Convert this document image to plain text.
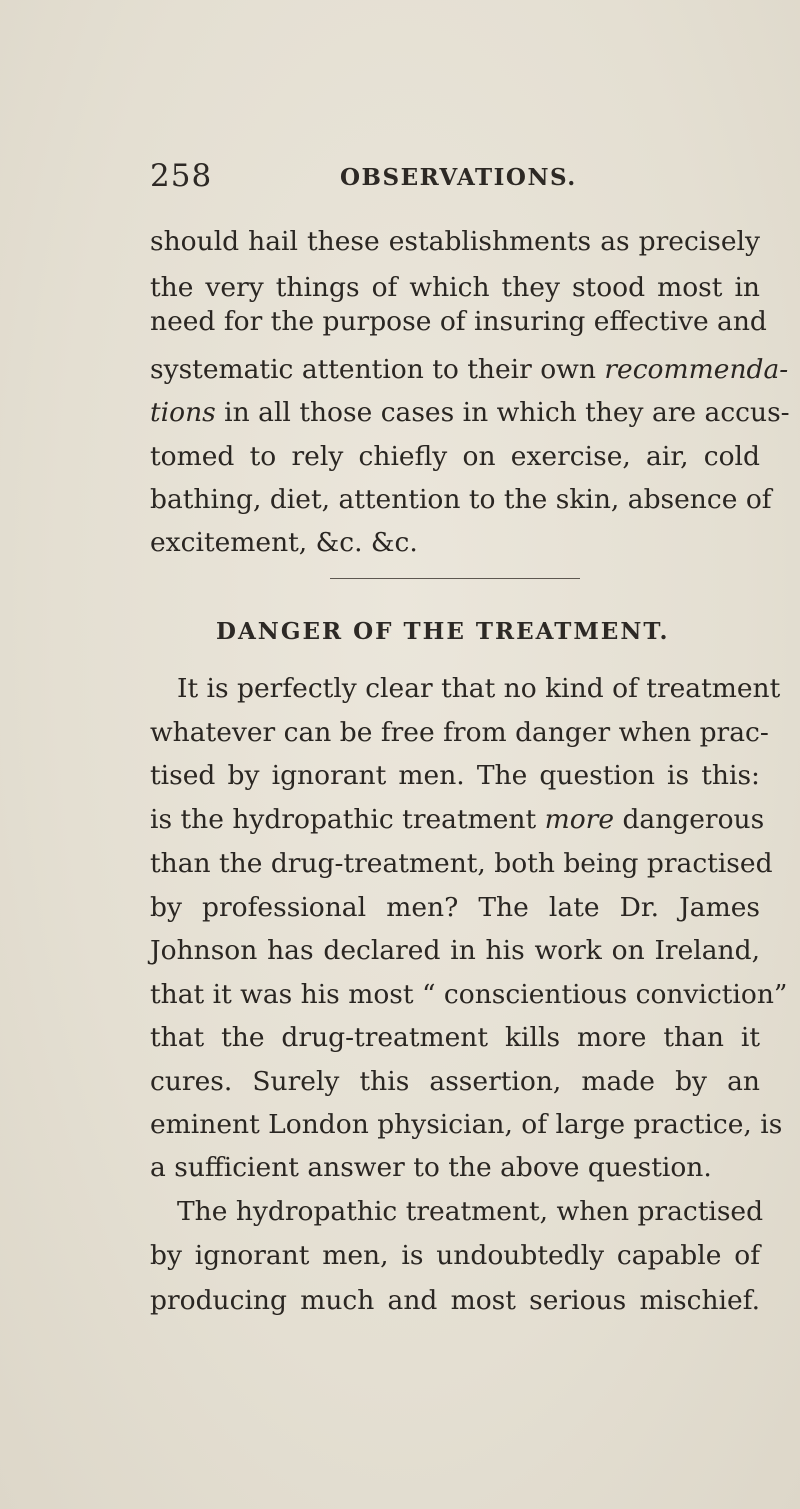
258	OBSERVATIONS.
should hail these establishments as precisely
the very things of which they stood most in
need for the purpose of insuring effective and
systematic attention to their own recommenda-
tions in all those cases in which they are accus-
tomed to rely chiefly on exercise, air, cold
bathing, diet, attention to the skin, absence of
excitement, &c. &c.
DANGER OF THE TREATMENT.
It is perfectly clear that no kind of treatment
whatever can be free from danger when prac-
tised by ignorant men. The question is this:
is the hydropathic treatment more dangerous
than the drug-treatment, both being practised
by professional men? The late Dr. James
Johnson has declared in his work on Ireland,
that it was his most “ conscientious conviction”
that the drug-treatment kills more than it
cures. Surely this assertion, made by an
eminent London physician, of large practice, is
a sufficient answer to the above question.
The hydropathic treatment, when practised
by ignorant men, is undoubtedly capable of
producing much and most serious mischief.
